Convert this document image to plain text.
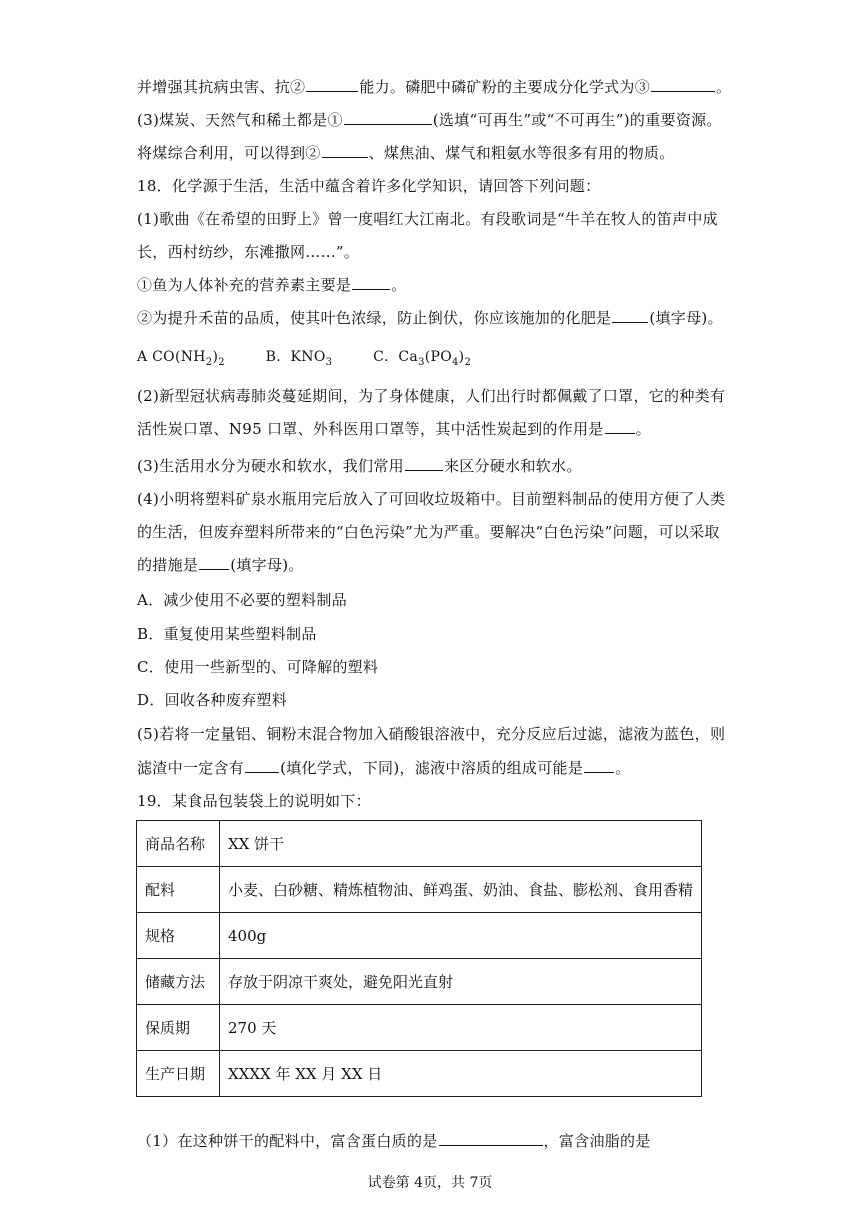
并增强其抗病虫害、抗②	能力。磷肥中磷矿粉的主要成分化学式为③	。
(3)煤炭、天然气和稀土都是①	(选填“可再生”或“不可再生”)的重要资源。
将煤综合利用，可以得到②	、煤焦油、煤气和粗氨水等很多有用的物质。
18．化学源于生活，生活中蕴含着许多化学知识，请回答下列问题：
(1)歌曲《在希望的田野上》曾一度唱红大江南北。有段歌词是“牛羊在牧人的笛声中成
长，西村纺纱，东滩撒网……”。
①鱼为人体补充的营养素主要是	。
②为提升禾苗的品质，使其叶色浓绿，防止倒伏，你应该施加的化肥是	(填字母)。
A $CO(NH_2)_2$	B．$KNO_3$	C．$Ca_3(PO_4)_2$
(2)新型冠状病毒肺炎蔓延期间，为了身体健康，人们出行时都佩戴了口罩，它的种类有
活性炭口罩、N95 口罩、外科医用口罩等，其中活性炭起到的作用是 。
(3)生活用水分为硬水和软水，我们常用	来区分硬水和软水。
(4)小明将塑料矿泉水瓶用完后放入了可回收垃圾箱中。目前塑料制品的使用方便了人类
的生活，但废弃塑料所带来的“白色污染”尤为严重。要解决“白色污染”问题，可以采取
的措施是 (填字母)。
A．减少使用不必要的塑料制品
B．重复使用某些塑料制品
C．使用一些新型的、可降解的塑料
D．回收各种废弃塑料
(5)若将一定量铝、铜粉末混合物加入硝酸银溶液中，充分反应后过滤，滤液为蓝色，则
滤渣中一定含有 (填化学式，下同)，滤液中溶质的组成可能是 。
19．某食品包装袋上的说明如下：
商品名称	XX 饼干
配料	小麦、白砂糖、精炼植物油、鲜鸡蛋、奶油、食盐、膨松剂、食用香精
规格	400g
储藏方法	存放于阴凉干爽处，避免阳光直射
保质期	270 天
生产日期	XXXX 年 XX 月 XX 日
（1）在这种饼干的配料中，富含蛋白质的是	，富含油脂的是
试卷第 4页，共 7页
